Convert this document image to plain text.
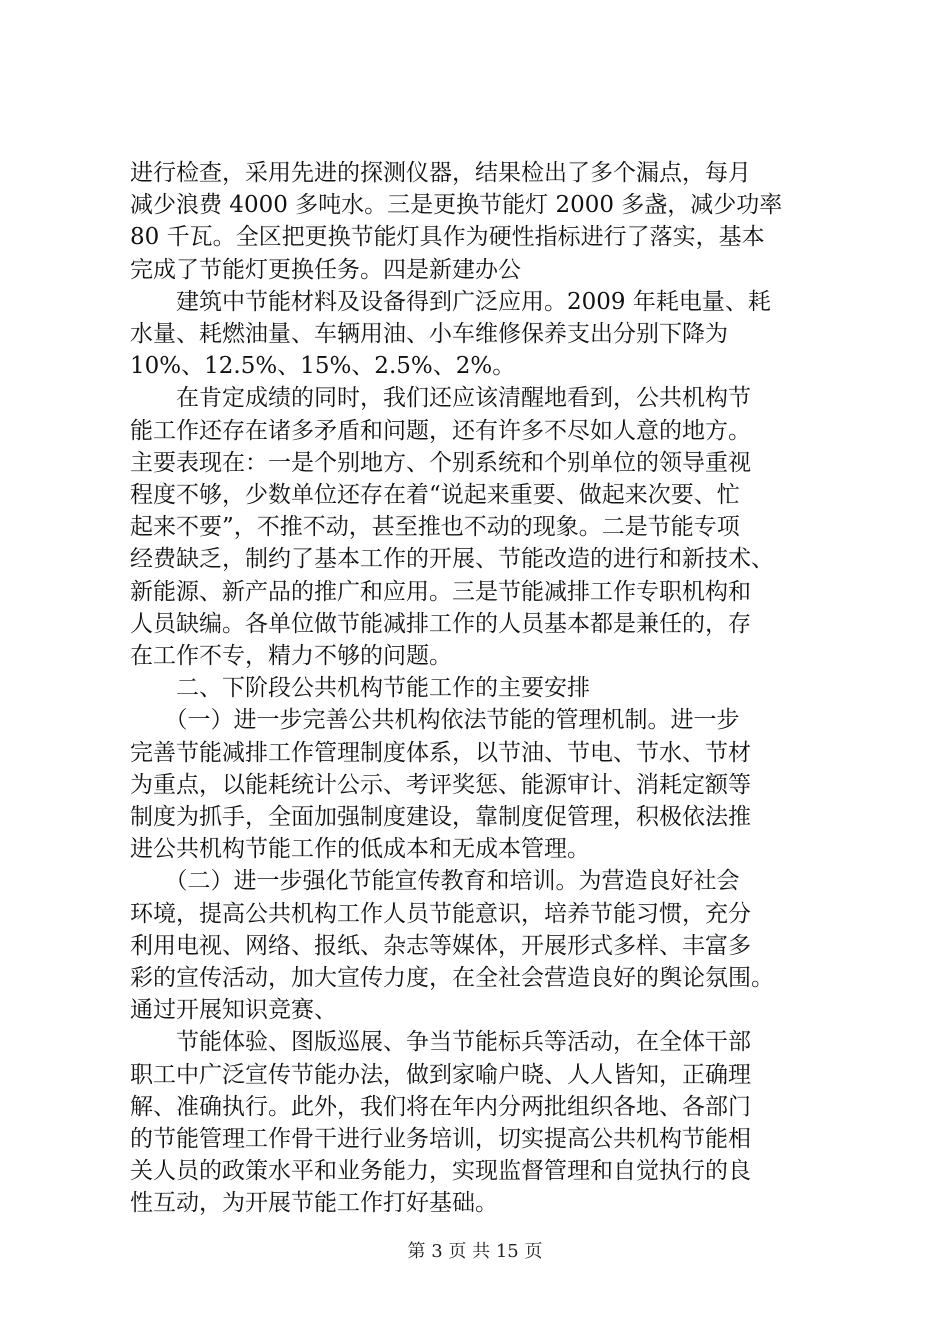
进行检查，采用先进的探测仪器，结果检出了多个漏点，每月
减少浪费 4000 多吨水。三是更换节能灯 2000 多盏，减少功率
80 千瓦。全区把更换节能灯具作为硬性指标进行了落实，基本
完成了节能灯更换任务。四是新建办公
　　建筑中节能材料及设备得到广泛应用。2009 年耗电量、耗
水量、耗燃油量、车辆用油、小车维修保养支出分别下降为
10%、12.5%、15%、2.5%、2%。
　　在肯定成绩的同时，我们还应该清醒地看到，公共机构节
能工作还存在诸多矛盾和问题，还有许多不尽如人意的地方。
主要表现在：一是个别地方、个别系统和个别单位的领导重视
程度不够，少数单位还存在着“说起来重要、做起来次要、忙
起来不要”，不推不动，甚至推也不动的现象。二是节能专项
经费缺乏，制约了基本工作的开展、节能改造的进行和新技术、
新能源、新产品的推广和应用。三是节能减排工作专职机构和
人员缺编。各单位做节能减排工作的人员基本都是兼任的，存
在工作不专，精力不够的问题。
　　二、下阶段公共机构节能工作的主要安排
　　（一）进一步完善公共机构依法节能的管理机制。进一步
完善节能减排工作管理制度体系，以节油、节电、节水、节材
为重点，以能耗统计公示、考评奖惩、能源审计、消耗定额等
制度为抓手，全面加强制度建设，靠制度促管理，积极依法推
进公共机构节能工作的低成本和无成本管理。
　　（二）进一步强化节能宣传教育和培训。为营造良好社会
环境，提高公共机构工作人员节能意识，培养节能习惯，充分
利用电视、网络、报纸、杂志等媒体，开展形式多样、丰富多
彩的宣传活动，加大宣传力度，在全社会营造良好的舆论氛围。
通过开展知识竞赛、
　　节能体验、图版巡展、争当节能标兵等活动，在全体干部
职工中广泛宣传节能办法，做到家喻户晓、人人皆知，正确理
解、准确执行。此外，我们将在年内分两批组织各地、各部门
的节能管理工作骨干进行业务培训，切实提高公共机构节能相
关人员的政策水平和业务能力，实现监督管理和自觉执行的良
性互动，为开展节能工作打好基础。
第 3 页 共 15 页
